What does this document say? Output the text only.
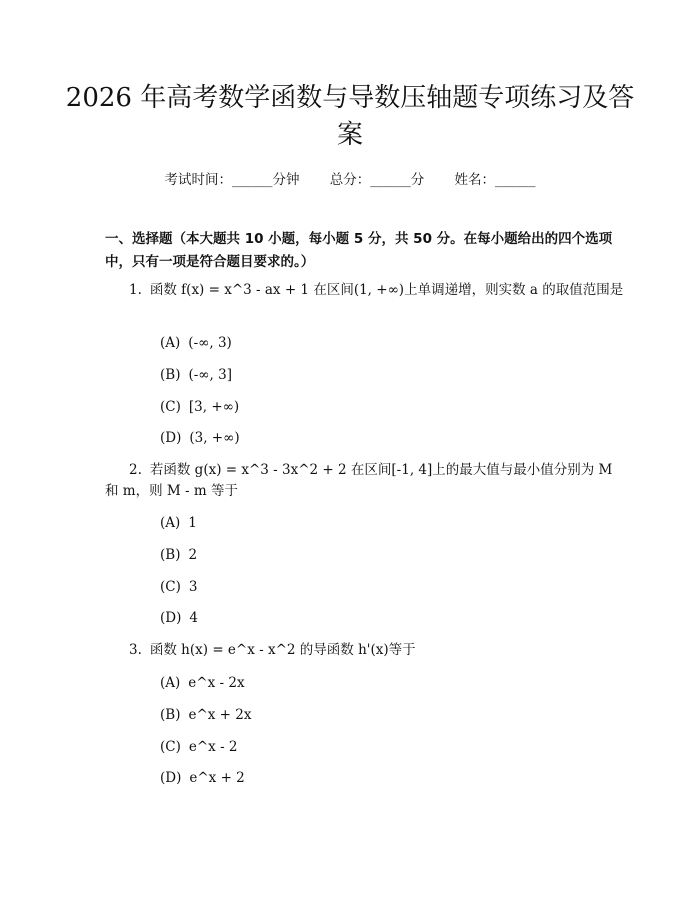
2026 年高考数学函数与导数压轴题专项练习及答案
考试时间：______分钟 总分：______分 姓名：______
一、选择题（本大题共 10 小题，每小题 5 分，共 50 分。在每小题给出的四个选项中，只有一项是符合题目要求的。）
1. 函数 f(x) = x^3 - ax + 1 在区间(1, +∞)上单调递增，则实数 a 的取值范围是
(A) (-∞, 3)
(B) (-∞, 3]
(C) [3, +∞)
(D) (3, +∞)
2. 若函数 g(x) = x^3 - 3x^2 + 2 在区间[-1, 4]上的最大值与最小值分别为 M 和 m，则 M - m 等于
(A) 1
(B) 2
(C) 3
(D) 4
3. 函数 h(x) = e^x - x^2 的导函数 h'(x)等于
(A) e^x - 2x
(B) e^x + 2x
(C) e^x - 2
(D) e^x + 2
